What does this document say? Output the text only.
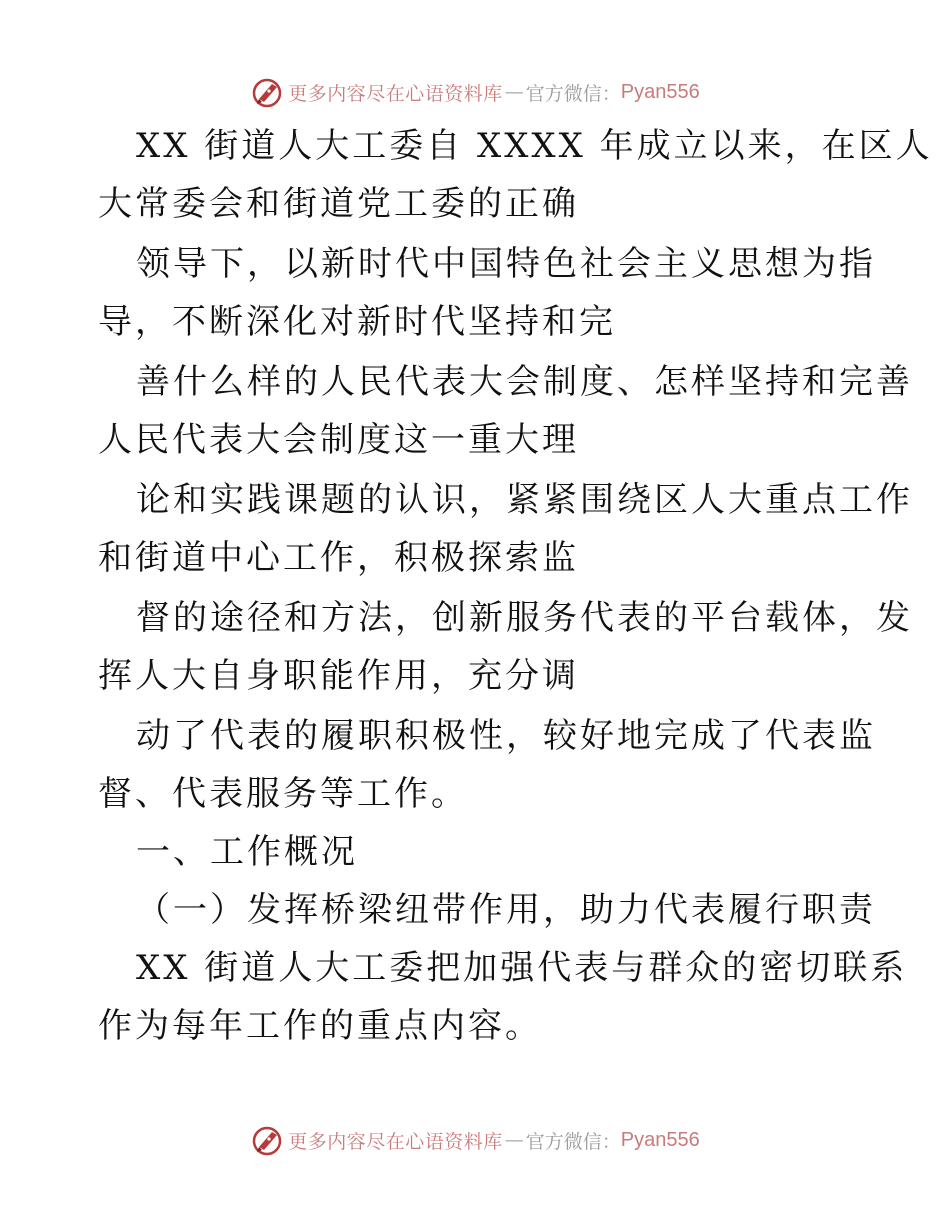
更多内容尽在心语资料库 — 官方微信： Pyan556
XX 街道人大工委自 XXXX 年成立以来，在区人
大常委会和街道党工委的正确
领导下，以新时代中国特色社会主义思想为指
导，不断深化对新时代坚持和完
善什么样的人民代表大会制度、怎样坚持和完善
人民代表大会制度这一重大理
论和实践课题的认识，紧紧围绕区人大重点工作
和街道中心工作，积极探索监
督的途径和方法，创新服务代表的平台载体，发
挥人大自身职能作用，充分调
动了代表的履职积极性，较好地完成了代表监
督、代表服务等工作。
一、工作概况
（一）发挥桥梁纽带作用，助力代表履行职责
XX 街道人大工委把加强代表与群众的密切联系
作为每年工作的重点内容。
更多内容尽在心语资料库 — 官方微信： Pyan556
